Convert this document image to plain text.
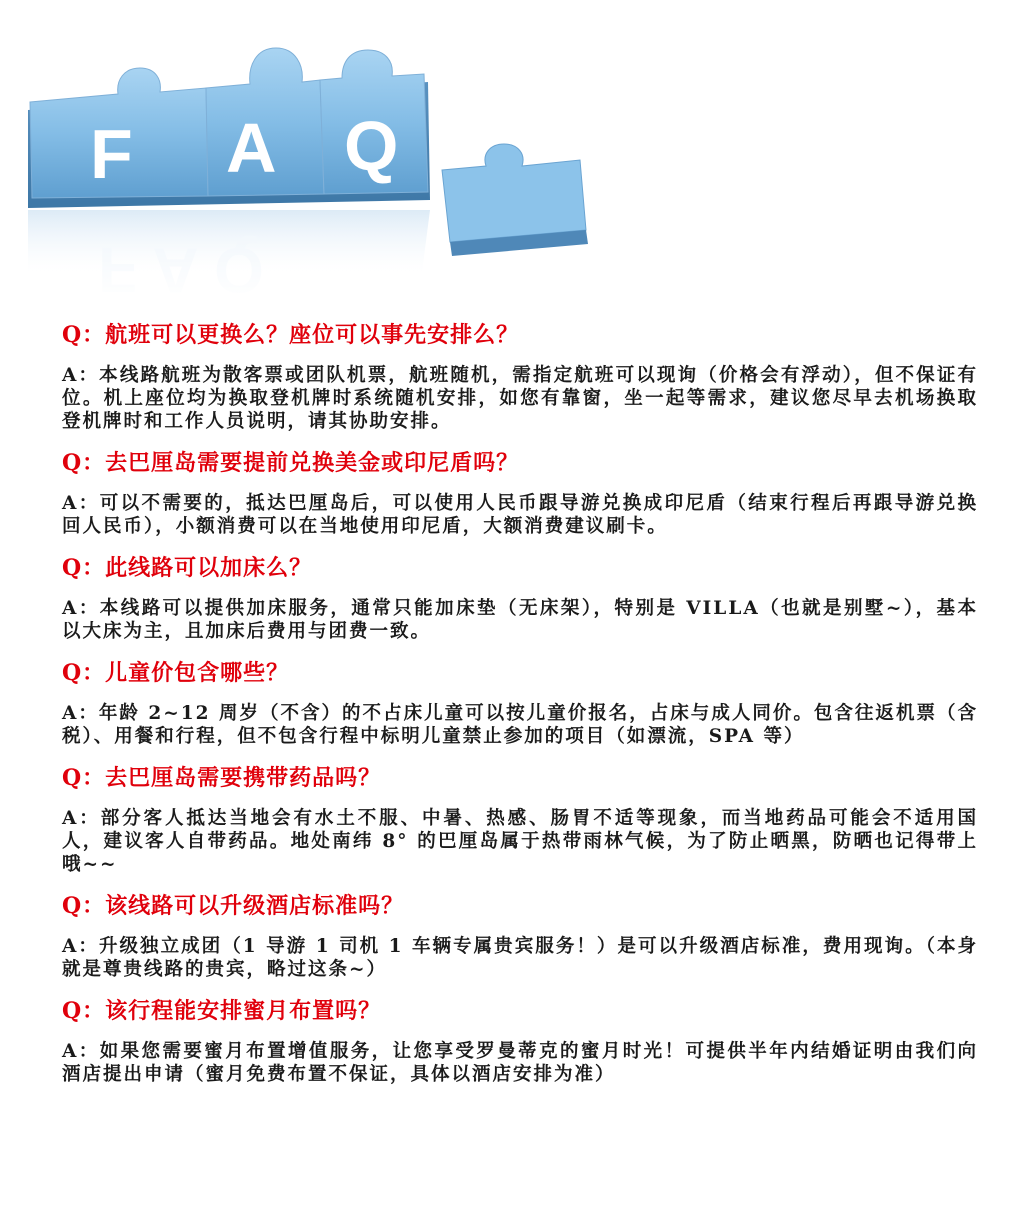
F A Q
Q：航班可以更换么？座位可以事先安排么？
A：本线路航班为散客票或团队机票，航班随机，需指定航班可以现询（价格会有浮动），但不保证有位。机上座位均为换取登机牌时系统随机安排，如您有靠窗，坐一起等需求，建议您尽早去机场换取登机牌时和工作人员说明，请其协助安排。
Q：去巴厘岛需要提前兑换美金或印尼盾吗？
A：可以不需要的，抵达巴厘岛后，可以使用人民币跟导游兑换成印尼盾（结束行程后再跟导游兑换回人民币），小额消费可以在当地使用印尼盾，大额消费建议刷卡。
Q：此线路可以加床么？
A：本线路可以提供加床服务，通常只能加床垫（无床架），特别是 VILLA（也就是别墅~），基本以大床为主，且加床后费用与团费一致。
Q：儿童价包含哪些？
A：年龄 2~12 周岁（不含）的不占床儿童可以按儿童价报名，占床与成人同价。包含往返机票（含税）、用餐和行程，但不包含行程中标明儿童禁止参加的项目（如漂流，SPA 等）
Q：去巴厘岛需要携带药品吗？
A：部分客人抵达当地会有水土不服、中暑、热感、肠胃不适等现象，而当地药品可能会不适用国人，建议客人自带药品。地处南纬 8° 的巴厘岛属于热带雨林气候，为了防止晒黑，防晒也记得带上哦~~
Q：该线路可以升级酒店标准吗？
A：升级独立成团（1 导游 1 司机 1 车辆专属贵宾服务！）是可以升级酒店标准，费用现询。（本身就是尊贵线路的贵宾，略过这条~）
Q：该行程能安排蜜月布置吗？
A：如果您需要蜜月布置增值服务，让您享受罗曼蒂克的蜜月时光！可提供半年内结婚证明由我们向酒店提出申请（蜜月免费布置不保证，具体以酒店安排为准）
